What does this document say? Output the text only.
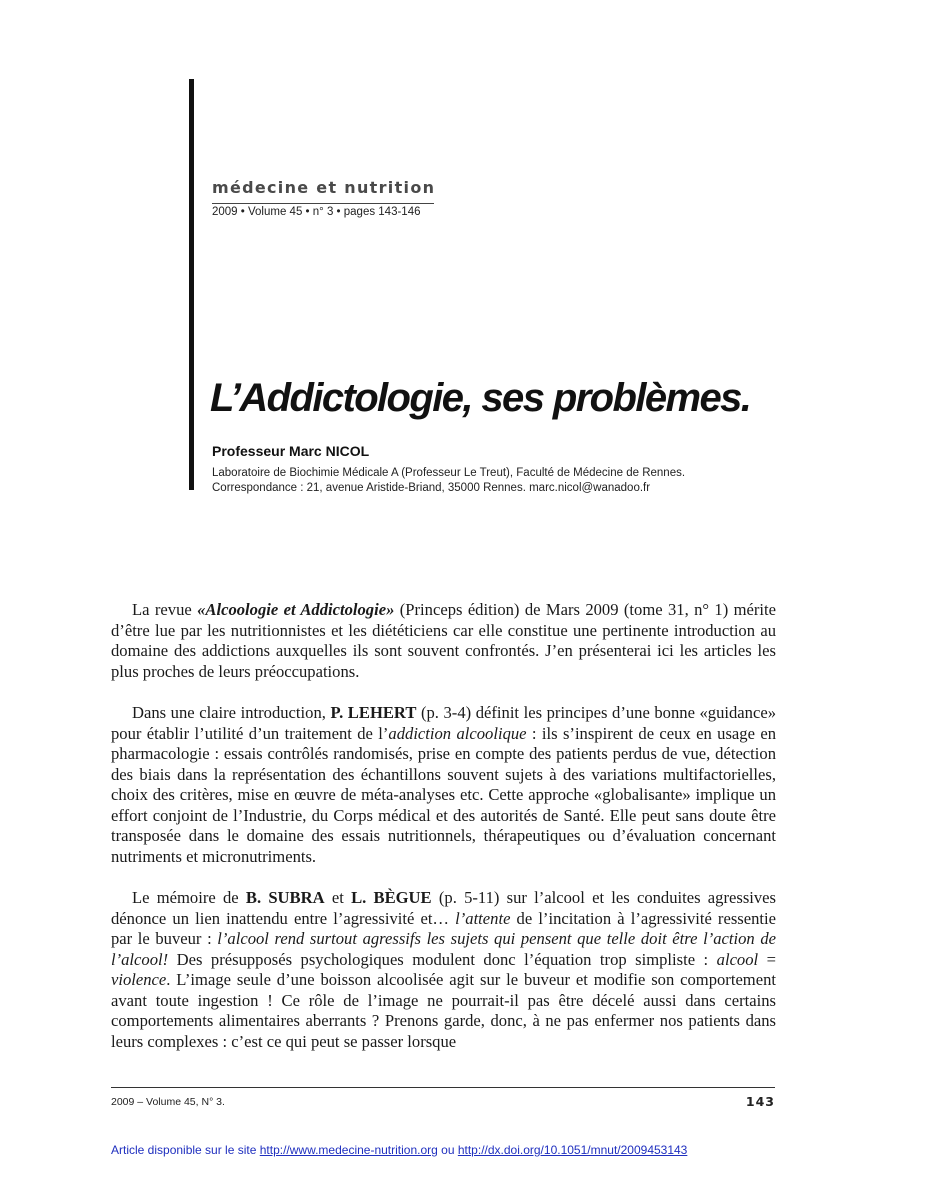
médecine et nutrition
2009 • Volume 45 • n° 3 • pages 143-146
L’Addictologie, ses problèmes.
Professeur Marc NICOL
Laboratoire de Biochimie Médicale A (Professeur Le Treut), Faculté de Médecine de Rennes.
Correspondance : 21, avenue Aristide-Briand, 35000 Rennes. marc.nicol@wanadoo.fr

La revue «Alcoologie et Addictologie» (Princeps édition) de Mars 2009 (tome 31, n° 1) mérite d’être lue par les nutritionnistes et les diététiciens car elle constitue une pertinente introduction au domaine des addictions auxquelles ils sont souvent confrontés. J’en présenterai ici les articles les plus proches de leurs préoccupations.

Dans une claire introduction, P. LEHERT (p. 3-4) définit les principes d’une bonne «guidance» pour établir l’utilité d’un traitement de l’addiction alcoolique : ils s’inspirent de ceux en usage en pharmacologie : essais contrôlés randomisés, prise en compte des patients perdus de vue, détection des biais dans la représentation des échantillons souvent sujets à des variations multifactorielles, choix des critères, mise en œuvre de méta-analyses etc. Cette approche «globalisante» implique un effort conjoint de l’Industrie, du Corps médical et des autorités de Santé. Elle peut sans doute être transposée dans le domaine des essais nutritionnels, thérapeutiques ou d’évaluation concernant nutriments et micronutriments.

Le mémoire de B. SUBRA et L. BÈGUE (p. 5-11) sur l’alcool et les conduites agressives dénonce un lien inattendu entre l’agressivité et… l’attente de l’incitation à l’agressivité ressentie par le buveur : l’alcool rend surtout agressifs les sujets qui pensent que telle doit être l’action de l’alcool! Des présupposés psychologiques modulent donc l’équation trop simpliste : alcool = violence. L’image seule d’une boisson alcoolisée agit sur le buveur et modifie son comportement avant toute ingestion ! Ce rôle de l’image ne pourrait-il pas être décelé aussi dans certains comportements alimentaires aberrants ? Prenons garde, donc, à ne pas enfermer nos patients dans leurs complexes : c’est ce qui peut se passer lorsque

2009 – Volume 45, N° 3.	143
Article disponible sur le site http://www.medecine-nutrition.org ou http://dx.doi.org/10.1051/mnut/2009453143
